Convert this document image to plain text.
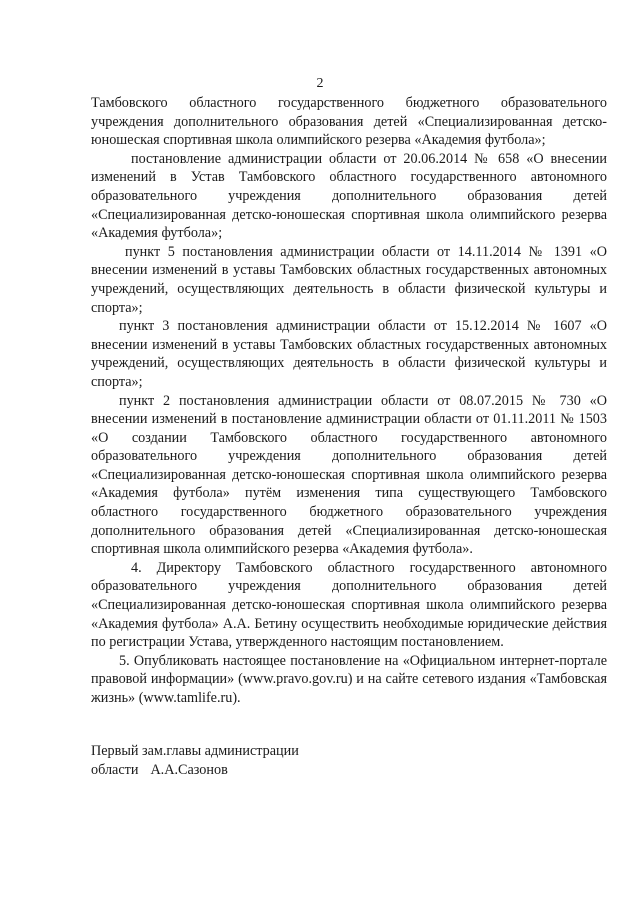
2

Тамбовского областного государственного бюджетного образовательного учреждения дополнительного образования детей «Специализированная детско-юношеская спортивная школа олимпийского резерва «Академия футбола»;

постановление администрации области от 20.06.2014 № 658 «О внесении изменений в Устав Тамбовского областного государственного автономного образовательного учреждения дополнительного образования детей «Специализированная детско-юношеская спортивная школа олимпийского резерва «Академия футбола»;

пункт 5 постановления администрации области от 14.11.2014 № 1391 «О внесении изменений в уставы Тамбовских областных государственных автономных учреждений, осуществляющих деятельность в области физической культуры и спорта»;

пункт 3 постановления администрации области от 15.12.2014 № 1607 «О внесении изменений в уставы Тамбовских областных государственных автономных учреждений, осуществляющих деятельность в области физической культуры и спорта»;

пункт 2 постановления администрации области от 08.07.2015 № 730 «О внесении изменений в постановление администрации области от 01.11.2011 № 1503 «О создании Тамбовского областного государственного автономного образовательного учреждения дополнительного образования детей «Специализированная детско-юношеская спортивная школа олимпийского резерва «Академия футбола» путём изменения типа существующего Тамбовского областного государственного бюджетного образовательного учреждения дополнительного образования детей «Специализированная детско-юношеская спортивная школа олимпийского резерва «Академия футбола».

4. Директору Тамбовского областного государственного автономного образовательного учреждения дополнительного образования детей «Специализированная детско-юношеская спортивная школа олимпийского резерва «Академия футбола» А.А. Бетину осуществить необходимые юридические действия по регистрации Устава, утвержденного настоящим постановлением.

5. Опубликовать настоящее постановление на «Официальном интернет-портале правовой информации» (www.pravo.gov.ru) и на сайте сетевого издания «Тамбовская жизнь» (www.tamlife.ru).

Первый зам.главы администрации
области А.А.Сазонов
